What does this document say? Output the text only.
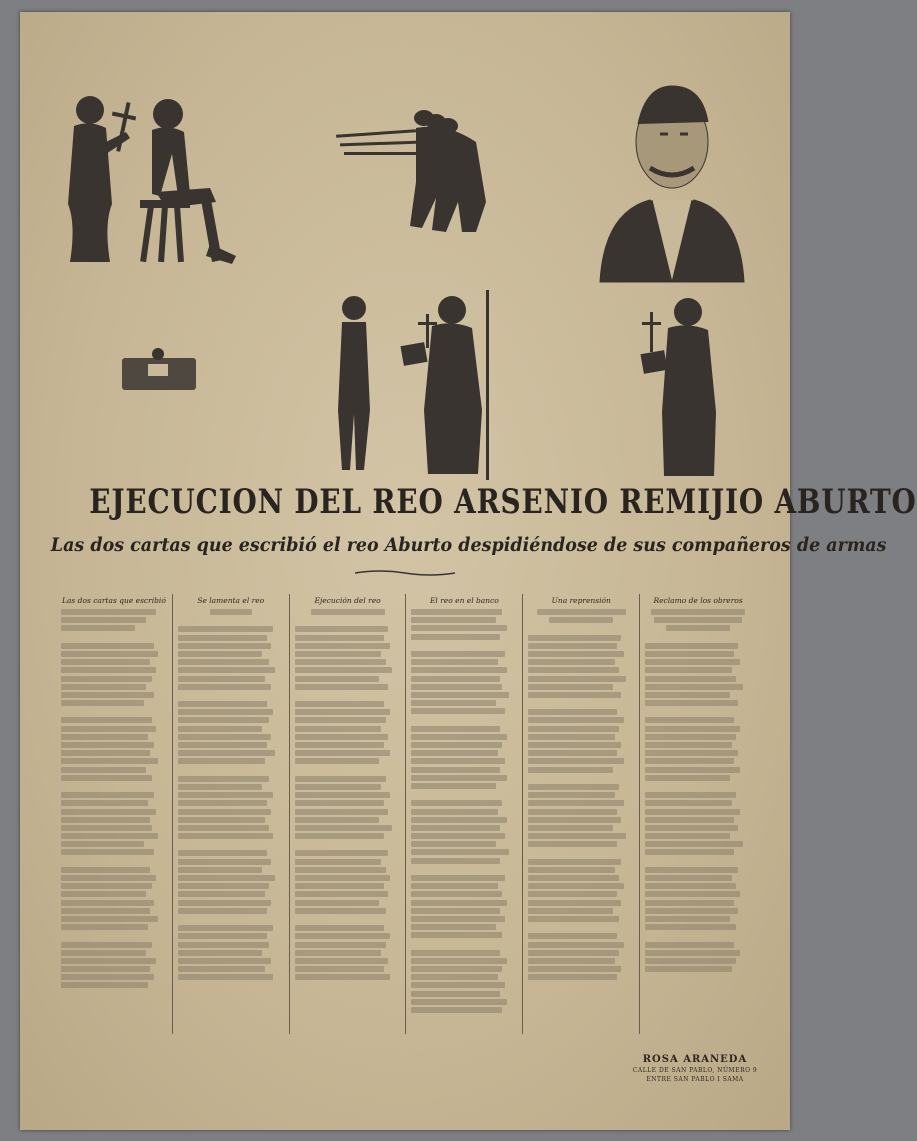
EJECUCION DEL REO ARSENIO REMIJIO ABURTO
Las dos cartas que escribió el reo Aburto despidiéndose de sus compañeros de armas
Las dos cartas que escribió	Se lamenta el reo	Ejecución del reo	El reo en el banco	Una reprensión	Reclamo de los obreros
ROSA ARANEDA
CALLE DE SAN PABLO, NÚMERO 9
ENTRE SAN PABLO I SAMA
